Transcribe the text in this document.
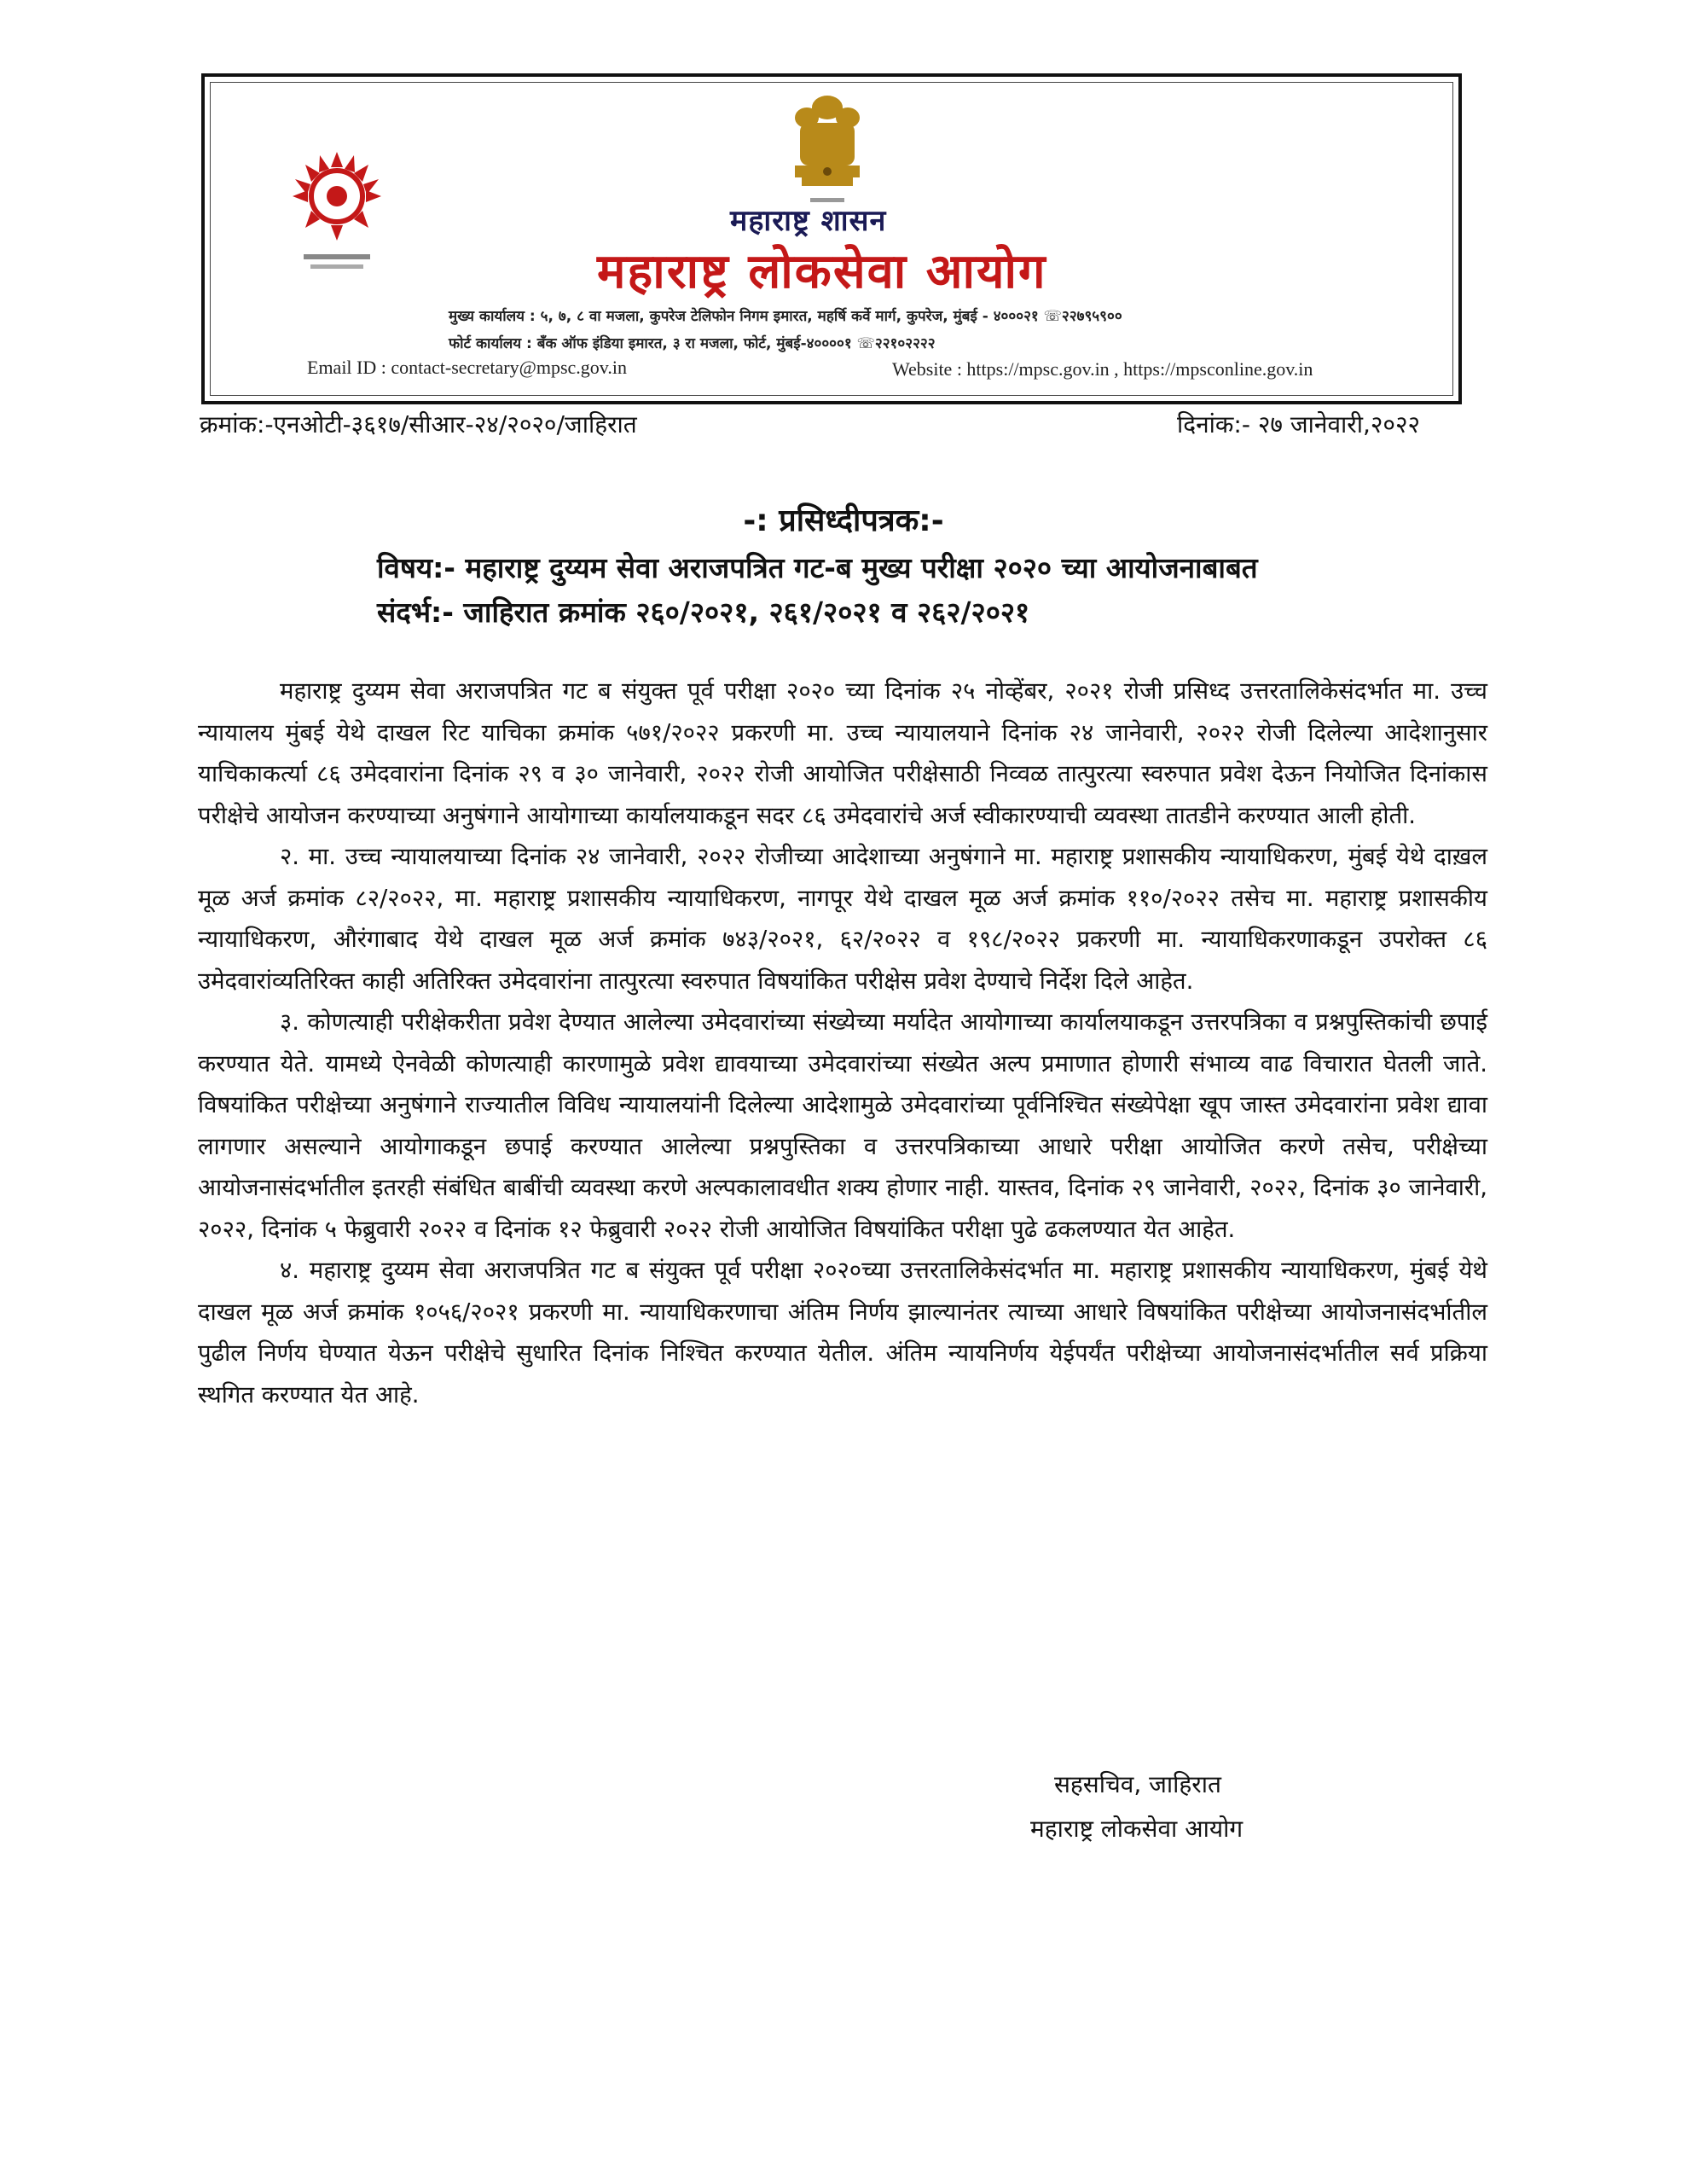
महाराष्ट्र शासन
महाराष्ट्र लोकसेवा आयोग
मुख्य कार्यालय : ५, ७, ८ वा मजला, कुपरेज टेलिफोन निगम इमारत, महर्षि कर्वे मार्ग, कुपरेज, मुंबई - ४०००२१ ☏२२७९५९००
फोर्ट कार्यालय : बँक ऑफ इंडिया इमारत, ३ रा मजला, फोर्ट, मुंबई-४००००१ ☏२२१०२२२२
Email ID : contact-secretary@mpsc.gov.in	Website : https://mpsc.gov.in , https://mpsconline.gov.in
क्रमांक:-एनओटी-३६१७/सीआर-२४/२०२०/जाहिरात	दिनांक:- २७ जानेवारी,२०२२
-: प्रसिध्दीपत्रक:-
विषय:- महाराष्ट्र दुय्यम सेवा अराजपत्रित गट-ब मुख्य परीक्षा २०२० च्या आयोजनाबाबत
संदर्भ:- जाहिरात क्रमांक २६०/२०२१, २६१/२०२१ व २६२/२०२१

महाराष्ट्र दुय्यम सेवा अराजपत्रित गट ब संयुक्त पूर्व परीक्षा २०२० च्या दिनांक २५ नोव्हेंबर, २०२१ रोजी प्रसिध्द उत्तरतालिकेसंदर्भात मा. उच्च न्यायालय मुंबई येथे दाखल रिट याचिका क्रमांक ५७१/२०२२ प्रकरणी मा. उच्च न्यायालयाने दिनांक २४ जानेवारी, २०२२ रोजी दिलेल्या आदेशानुसार याचिकाकर्त्या ८६ उमेदवारांना दिनांक २९ व ३० जानेवारी, २०२२ रोजी आयोजित परीक्षेसाठी निव्वळ तात्पुरत्या स्वरुपात प्रवेश देऊन नियोजित दिनांकास परीक्षेचे आयोजन करण्याच्या अनुषंगाने आयोगाच्या कार्यालयाकडून सदर ८६ उमेदवारांचे अर्ज स्वीकारण्याची व्यवस्था तातडीने करण्यात आली होती.

२. मा. उच्च न्यायालयाच्या दिनांक २४ जानेवारी, २०२२ रोजीच्या आदेशाच्या अनुषंगाने मा. महाराष्ट्र प्रशासकीय न्यायाधिकरण, मुंबई येथे दाख़ल मूळ अर्ज क्रमांक ८२/२०२२, मा. महाराष्ट्र प्रशासकीय न्यायाधिकरण, नागपूर येथे दाखल मूळ अर्ज क्रमांक ११०/२०२२ तसेच मा. महाराष्ट्र प्रशासकीय न्यायाधिकरण, औरंगाबाद येथे दाखल मूळ अर्ज क्रमांक ७४३/२०२१, ६२/२०२२ व १९८/२०२२ प्रकरणी मा. न्यायाधिकरणाकडून उपरोक्त ८६ उमेदवारांव्यतिरिक्त काही अतिरिक्त उमेदवारांना तात्पुरत्या स्वरुपात विषयांकित परीक्षेस प्रवेश देण्याचे निर्देश दिले आहेत.

३. कोणत्याही परीक्षेकरीता प्रवेश देण्यात आलेल्या उमेदवारांच्या संख्येच्या मर्यादेत आयोगाच्या कार्यालयाकडून उत्तरपत्रिका व प्रश्नपुस्तिकांची छपाई करण्यात येते. यामध्ये ऐनवेळी कोणत्याही कारणामुळे प्रवेश द्यावयाच्या उमेदवारांच्या संख्येत अल्प प्रमाणात होणारी संभाव्य वाढ विचारात घेतली जाते. विषयांकित परीक्षेच्या अनुषंगाने राज्यातील विविध न्यायालयांनी दिलेल्या आदेशामुळे उमेदवारांच्या पूर्वनिश्चित संख्येपेक्षा खूप जास्त उमेदवारांना प्रवेश द्यावा लागणार असल्याने आयोगाकडून छपाई करण्यात आलेल्या प्रश्नपुस्तिका व उत्तरपत्रिकाच्या आधारे परीक्षा आयोजित करणे तसेच, परीक्षेच्या आयोजनासंदर्भातील इतरही संबंधित बाबींची व्यवस्था करणे अल्पकालावधीत शक्य होणार नाही. यास्तव, दिनांक २९ जानेवारी, २०२२, दिनांक ३० जानेवारी, २०२२, दिनांक ५ फेब्रुवारी २०२२ व दिनांक १२ फेब्रुवारी २०२२ रोजी आयोजित विषयांकित परीक्षा पुढे ढकलण्यात येत आहेत.

४. महाराष्ट्र दुय्यम सेवा अराजपत्रित गट ब संयुक्त पूर्व परीक्षा २०२०च्या उत्तरतालिकेसंदर्भात मा. महाराष्ट्र प्रशासकीय न्यायाधिकरण, मुंबई येथे दाखल मूळ अर्ज क्रमांक १०५६/२०२१ प्रकरणी मा. न्यायाधिकरणाचा अंतिम निर्णय झाल्यानंतर त्याच्या आधारे विषयांकित परीक्षेच्या आयोजनासंदर्भातील पुढील निर्णय घेण्यात येऊन परीक्षेचे सुधारित दिनांक निश्चित करण्यात येतील. अंतिम न्यायनिर्णय येईपर्यंत परीक्षेच्या आयोजनासंदर्भातील सर्व प्रक्रिया स्थगित करण्यात येत आहे.

सहसचिव, जाहिरात
महाराष्ट्र लोकसेवा आयोग
